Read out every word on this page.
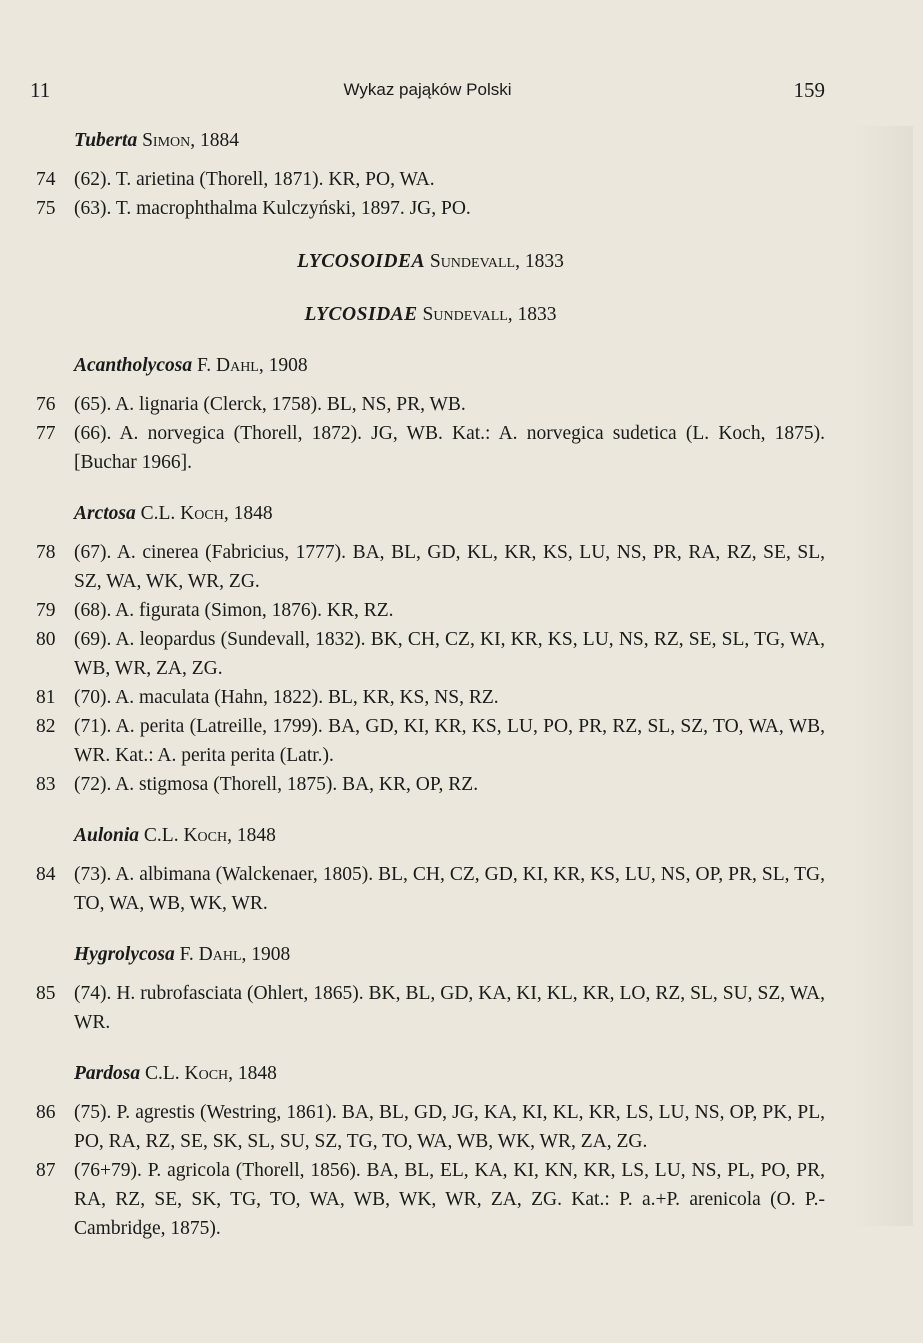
11	Wykaz pająków Polski	159
Tuberta Simon, 1884
74 (62). T. arietina (Thorell, 1871). KR, PO, WA.
75 (63). T. macrophthalma Kulczyński, 1897. JG, PO.
LYCOSOIDEA Sundevall, 1833
LYCOSIDAE Sundevall, 1833
Acantholycosa F. Dahl, 1908
76 (65). A. lignaria (Clerck, 1758). BL, NS, PR, WB.
77 (66). A. norvegica (Thorell, 1872). JG, WB. Kat.: A. norvegica sudetica (L. Koch, 1875). [Buchar 1966].
Arctosa C.L. Koch, 1848
78 (67). A. cinerea (Fabricius, 1777). BA, BL, GD, KL, KR, KS, LU, NS, PR, RA, RZ, SE, SL, SZ, WA, WK, WR, ZG.
79 (68). A. figurata (Simon, 1876). KR, RZ.
80 (69). A. leopardus (Sundevall, 1832). BK, CH, CZ, KI, KR, KS, LU, NS, RZ, SE, SL, TG, WA, WB, WR, ZA, ZG.
81 (70). A. maculata (Hahn, 1822). BL, KR, KS, NS, RZ.
82 (71). A. perita (Latreille, 1799). BA, GD, KI, KR, KS, LU, PO, PR, RZ, SL, SZ, TO, WA, WB, WR. Kat.: A. perita perita (Latr.).
83 (72). A. stigmosa (Thorell, 1875). BA, KR, OP, RZ.
Aulonia C.L. Koch, 1848
84 (73). A. albimana (Walckenaer, 1805). BL, CH, CZ, GD, KI, KR, KS, LU, NS, OP, PR, SL, TG, TO, WA, WB, WK, WR.
Hygrolycosa F. Dahl, 1908
85 (74). H. rubrofasciata (Ohlert, 1865). BK, BL, GD, KA, KI, KL, KR, LO, RZ, SL, SU, SZ, WA, WR.
Pardosa C.L. Koch, 1848
86 (75). P. agrestis (Westring, 1861). BA, BL, GD, JG, KA, KI, KL, KR, LS, LU, NS, OP, PK, PL, PO, RA, RZ, SE, SK, SL, SU, SZ, TG, TO, WA, WB, WK, WR, ZA, ZG.
87 (76+79). P. agricola (Thorell, 1856). BA, BL, EL, KA, KI, KN, KR, LS, LU, NS, PL, PO, PR, RA, RZ, SE, SK, TG, TO, WA, WB, WK, WR, ZA, ZG. Kat.: P. a.+P. arenicola (O. P.-Cambridge, 1875).
